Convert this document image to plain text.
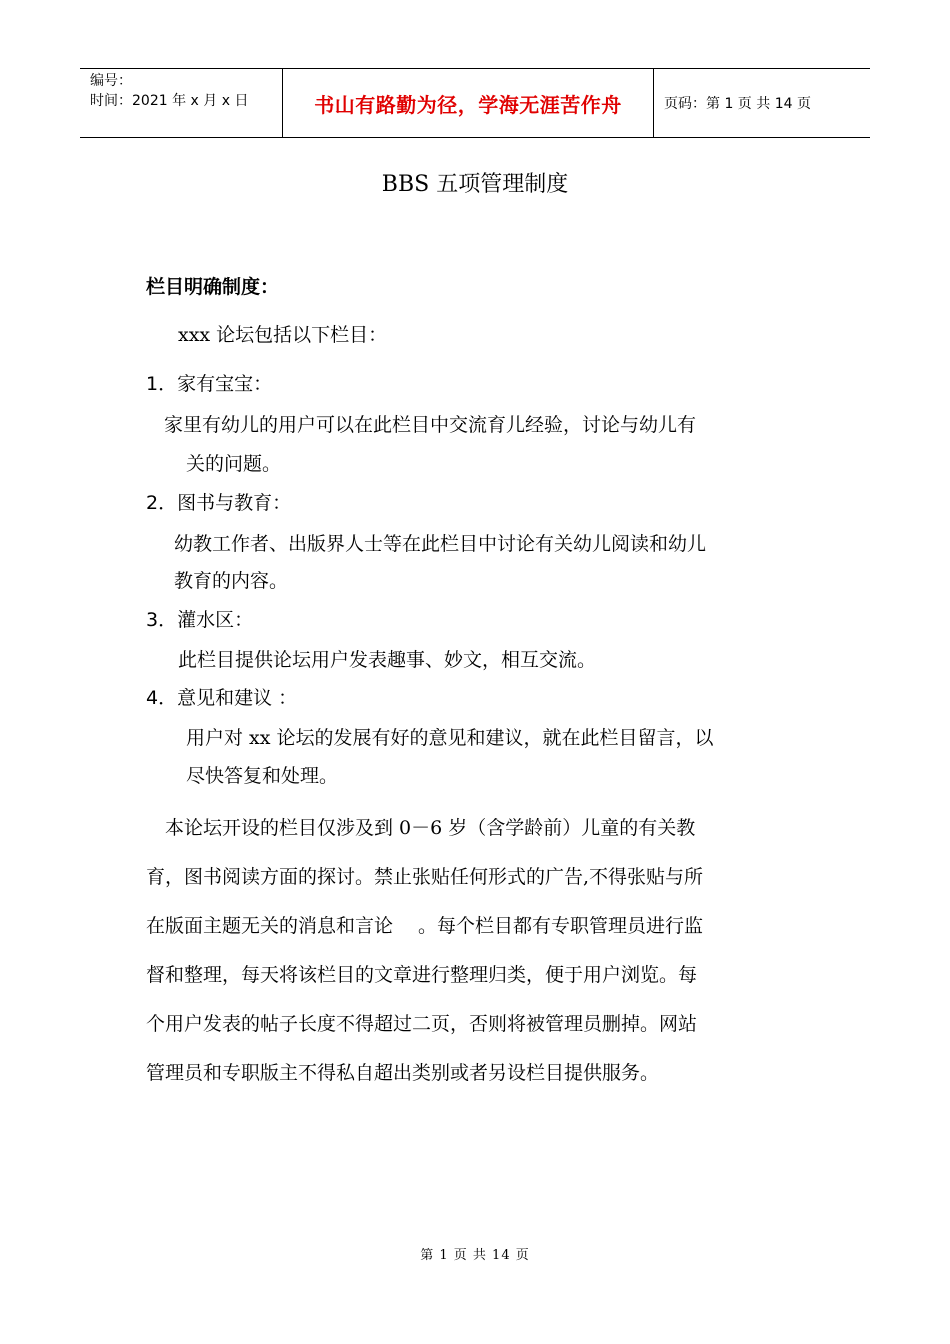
编号：
时间：2021 年 x 月 x 日	书山有路勤为径，学海无涯苦作舟	页码：第 1 页 共 14 页
BBS 五项管理制度
栏目明确制度：
xxx 论坛包括以下栏目：
1．家有宝宝：
家里有幼儿的用户可以在此栏目中交流育儿经验，讨论与幼儿有
关的问题。
2．图书与教育：
幼教工作者、出版界人士等在此栏目中讨论有关幼儿阅读和幼儿
教育的内容。
3．灌水区：
此栏目提供论坛用户发表趣事、妙文，相互交流。
4．意见和建议 ：
用户对 xx 论坛的发展有好的意见和建议，就在此栏目留言，以
尽快答复和处理。
　本论坛开设的栏目仅涉及到 0－6 岁（含学龄前）儿童的有关教
育，图书阅读方面的探讨。禁止张贴任何形式的广告,不得张贴与所
在版面主题无关的消息和言论　 。每个栏目都有专职管理员进行监
督和整理，每天将该栏目的文章进行整理归类，便于用户浏览。每
个用户发表的帖子长度不得超过二页，否则将被管理员删掉。网站
管理员和专职版主不得私自超出类别或者另设栏目提供服务。
第 1 页 共 14 页
